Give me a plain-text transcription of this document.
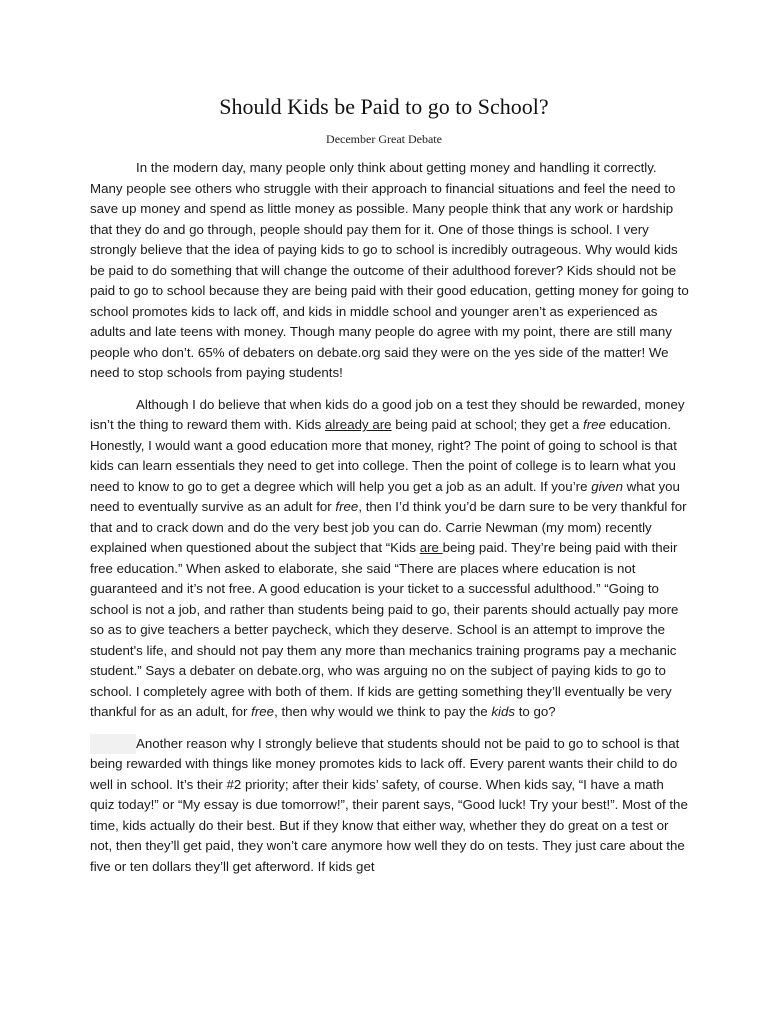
Should Kids be Paid to go to School?
December Great Debate

In the modern day, many people only think about getting money and handling it correctly. Many people see others who struggle with their approach to financial situations and feel the need to save up money and spend as little money as possible. Many people think that any work or hardship that they do and go through, people should pay them for it. One of those things is school. I very strongly believe that the idea of paying kids to go to school is incredibly outrageous. Why would kids be paid to do something that will change the outcome of their adulthood forever? Kids should not be paid to go to school because they are being paid with their good education, getting money for going to school promotes kids to lack off, and kids in middle school and younger aren’t as experienced as adults and late teens with money. Though many people do agree with my point, there are still many people who don’t. 65% of debaters on debate.org said they were on the yes side of the matter! We need to stop schools from paying students!

Although I do believe that when kids do a good job on a test they should be rewarded, money isn’t the thing to reward them with. Kids already are being paid at school; they get a free education. Honestly, I would want a good education more that money, right? The point of going to school is that kids can learn essentials they need to get into college. Then the point of college is to learn what you need to know to go to get a degree which will help you get a job as an adult. If you’re given what you need to eventually survive as an adult for free, then I’d think you’d be darn sure to be very thankful for that and to crack down and do the very best job you can do. Carrie Newman (my mom) recently explained when questioned about the subject that “Kids are being paid. They’re being paid with their free education.” When asked to elaborate, she said “There are places where education is not guaranteed and it’s not free. A good education is your ticket to a successful adulthood.” “Going to school is not a job, and rather than students being paid to go, their parents should actually pay more so as to give teachers a better paycheck, which they deserve. School is an attempt to improve the student's life, and should not pay them any more than mechanics training programs pay a mechanic student.” Says a debater on debate.org, who was arguing no on the subject of paying kids to go to school. I completely agree with both of them. If kids are getting something they’ll eventually be very thankful for as an adult, for free, then why would we think to pay the kids to go?

Another reason why I strongly believe that students should not be paid to go to school is that being rewarded with things like money promotes kids to lack off. Every parent wants their child to do well in school. It’s their #2 priority; after their kids’ safety, of course. When kids say, “I have a math quiz today!” or “My essay is due tomorrow!”, their parent says, “Good luck! Try your best!”. Most of the time, kids actually do their best. But if they know that either way, whether they do great on a test or not, then they’ll get paid, they won’t care anymore how well they do on tests. They just care about the five or ten dollars they’ll get afterword. If kids get
